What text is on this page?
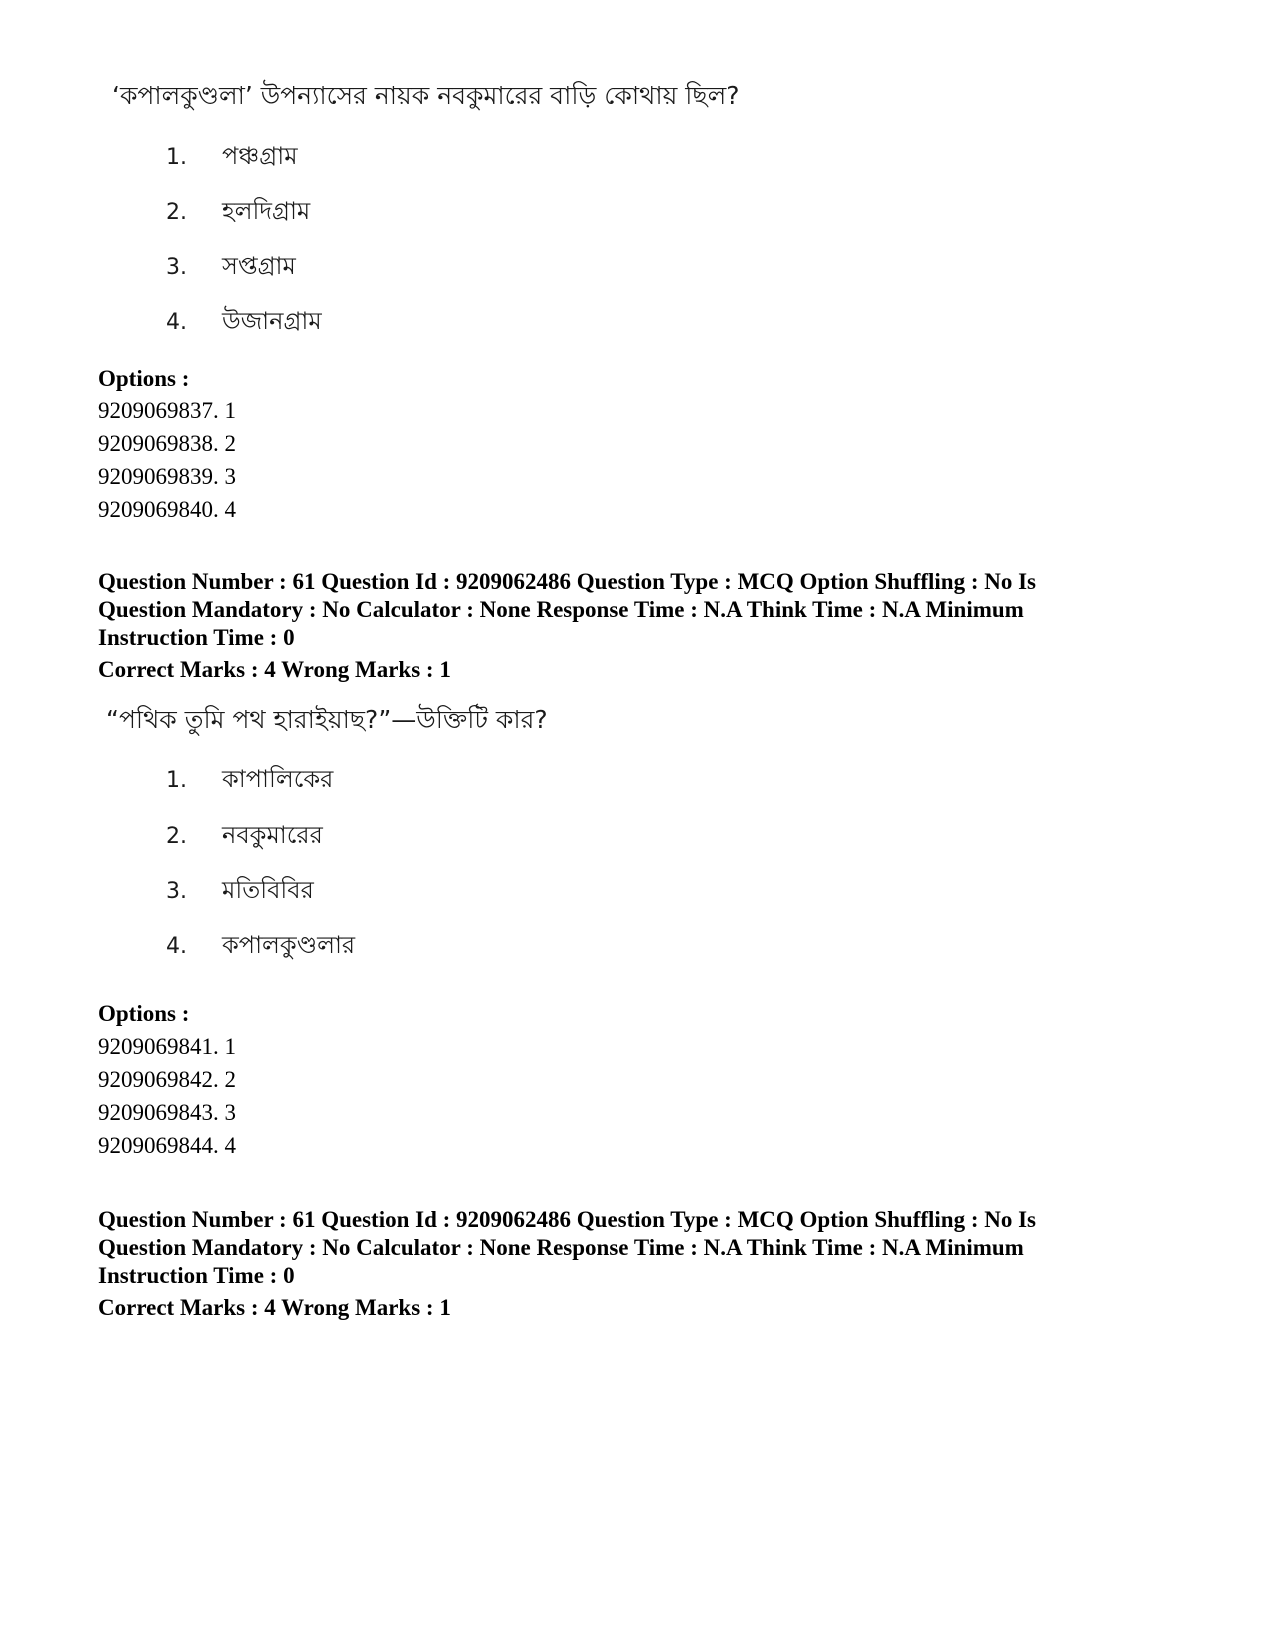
‘কপালকুণ্ডলা’ উপন্যাসের নায়ক নবকুমারের বাড়ি কোথায় ছিল?
1.	পঞ্চগ্রাম
2.	হলদিগ্রাম
3.	সপ্তগ্রাম
4.	উজানগ্রাম
Options :
9209069837. 1
9209069838. 2
9209069839. 3
9209069840. 4
Question Number : 61 Question Id : 9209062486 Question Type : MCQ Option Shuffling : No Is
Question Mandatory : No Calculator : None Response Time : N.A Think Time : N.A Minimum
Instruction Time : 0
Correct Marks : 4 Wrong Marks : 1
“পথিক তুমি পথ হারাইয়াছ?”—উক্তিটি কার?
1.	কাপালিকের
2.	নবকুমারের
3.	মতিবিবির
4.	কপালকুণ্ডলার
Options :
9209069841. 1
9209069842. 2
9209069843. 3
9209069844. 4
Question Number : 61 Question Id : 9209062486 Question Type : MCQ Option Shuffling : No Is
Question Mandatory : No Calculator : None Response Time : N.A Think Time : N.A Minimum
Instruction Time : 0
Correct Marks : 4 Wrong Marks : 1
